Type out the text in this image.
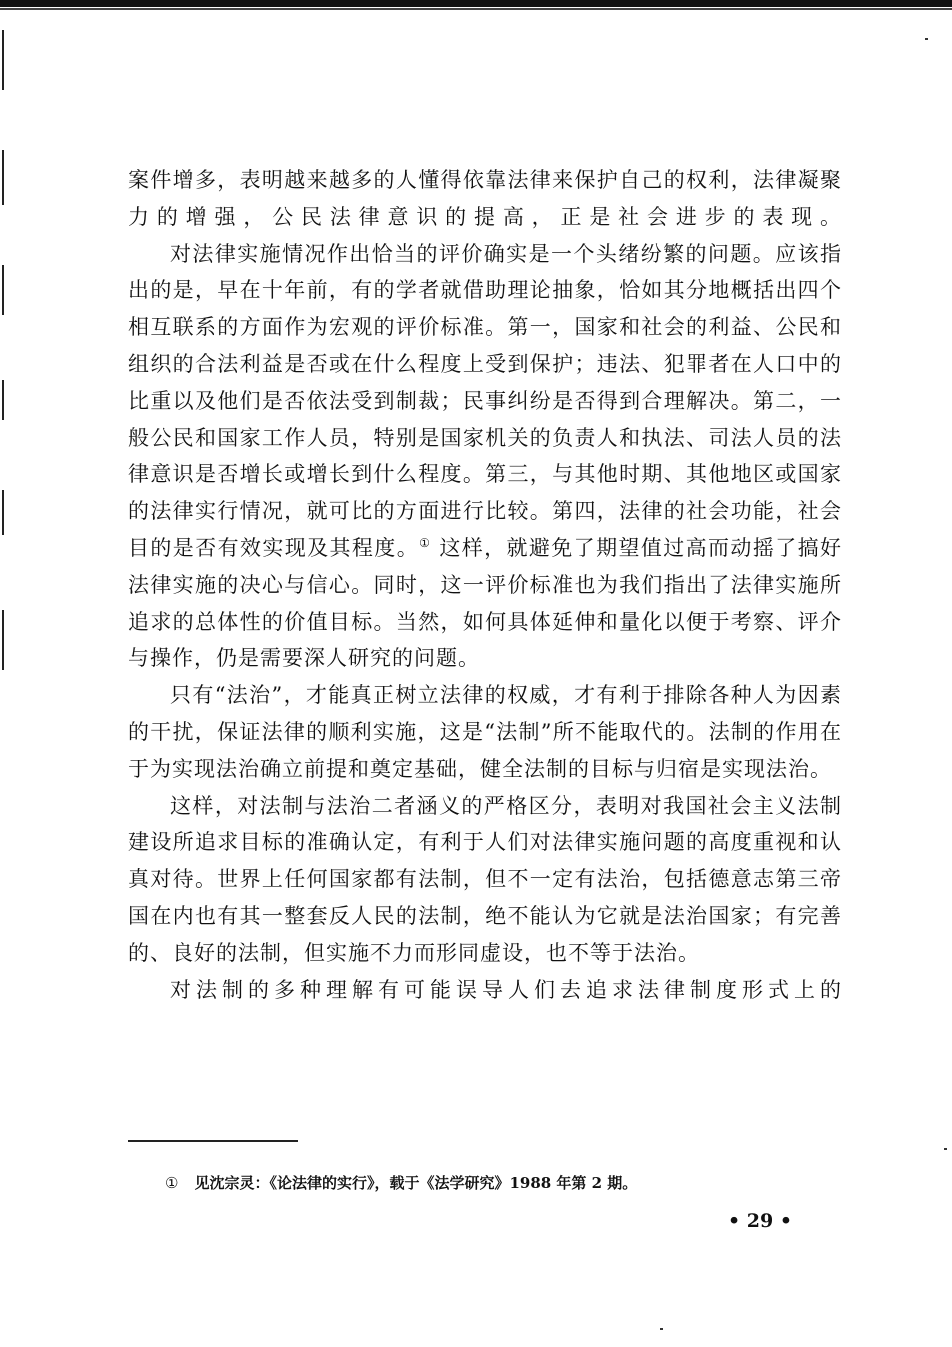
案件增多，表明越来越多的人懂得依靠法律来保护自己的权利，法律凝聚力的增强，公民法律意识的提高，正是社会进步的表现。

对法律实施情况作出恰当的评价确实是一个头绪纷繁的问题。应该指出的是，早在十年前，有的学者就借助理论抽象，恰如其分地概括出四个相互联系的方面作为宏观的评价标准。第一，国家和社会的利益、公民和组织的合法利益是否或在什么程度上受到保护；违法、犯罪者在人口中的比重以及他们是否依法受到制裁；民事纠纷是否得到合理解决。第二，一般公民和国家工作人员，特别是国家机关的负责人和执法、司法人员的法律意识是否增长或增长到什么程度。第三，与其他时期、其他地区或国家的法律实行情况，就可比的方面进行比较。第四，法律的社会功能，社会目的是否有效实现及其程度。① 这样，就避免了期望值过高而动摇了搞好法律实施的决心与信心。同时，这一评价标准也为我们指出了法律实施所追求的总体性的价值目标。当然，如何具体延伸和量化以便于考察、评介与操作，仍是需要深人研究的问题。

只有“法治”，才能真正树立法律的权威，才有利于排除各种人为因素的干扰，保证法律的顺利实施，这是“法制”所不能取代的。法制的作用在于为实现法治确立前提和奠定基础，健全法制的目标与归宿是实现法治。

这样，对法制与法治二者涵义的严格区分，表明对我国社会主义法制建设所追求目标的准确认定，有利于人们对法律实施问题的高度重视和认真对待。世界上任何国家都有法制，但不一定有法治，包括德意志第三帝国在内也有其一整套反人民的法制，绝不能认为它就是法治国家；有完善的、良好的法制，但实施不力而形同虚设，也不等于法治。

对法制的多种理解有可能误导人们去追求法律制度形式上的

① 见沈宗灵：《论法律的实行》，载于《法学研究》1988 年第 2 期。
• 29 •
